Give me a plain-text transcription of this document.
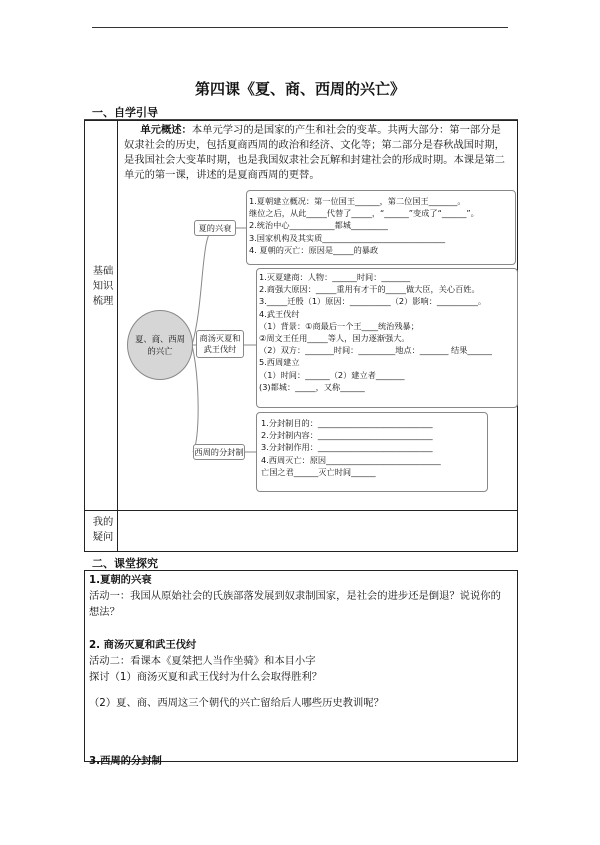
第四课《夏、商、西周的兴亡》
一、自学引导
基础
知识
梳理
我的
疑问
单元概述：本单元学习的是国家的产生和社会的变革。共两大部分：第一部分是
奴隶社会的历史，包括夏商西周的政治和经济、文化等；第二部分是春秋战国时期，
是我国社会大变革时期，也是我国奴隶社会瓦解和封建社会的形成时期。本课是第二
单元的第一课，讲述的是夏商西周的更替。
夏、商、西周
的兴亡
夏的兴衰
1.夏朝建立概况：第一位国王______，第二位国王_______。
继位之后，从此_____代替了_____，“______”变成了“______”。
2.统治中心___________都城_________
3.国家机构及其实质______________________________
4. 夏朝的灭亡：原因是_____的暴政
商汤灭夏和
武王伐纣
1.灭夏建商：人物：______时间：_______
2.商强大原因：_____重用有才干的_____做大臣，关心百姓。
3._____迁殷（1）原因：__________（2）影响：__________。
4.武王伐纣
（1）背景：①商最后一个王____统治残暴；
②周文王任用_____等人，国力逐渐强大。
（2）双方：_______时间：_________地点：_______ 结果______
5.西周建立
（1）时间：______（2）建立者_______
(3)都城：_____，又称______
西周的分封制
1.分封制目的：____________________________
2.分封制内容：____________________________
3.分封制作用：____________________________
4.西周灭亡：原因____________________________
亡国之君______灭亡时间______
二、课堂探究
1.夏朝的兴衰
活动一：我国从原始社会的氏族部落发展到奴隶制国家，是社会的进步还是倒退？说说你的
想法？
2. 商汤灭夏和武王伐纣
活动二：看课本《夏桀把人当作坐骑》和本目小字
探讨（1）商汤灭夏和武王伐纣为什么会取得胜利？
（2）夏、商、西周这三个朝代的兴亡留给后人哪些历史教训呢？
3.西周的分封制
